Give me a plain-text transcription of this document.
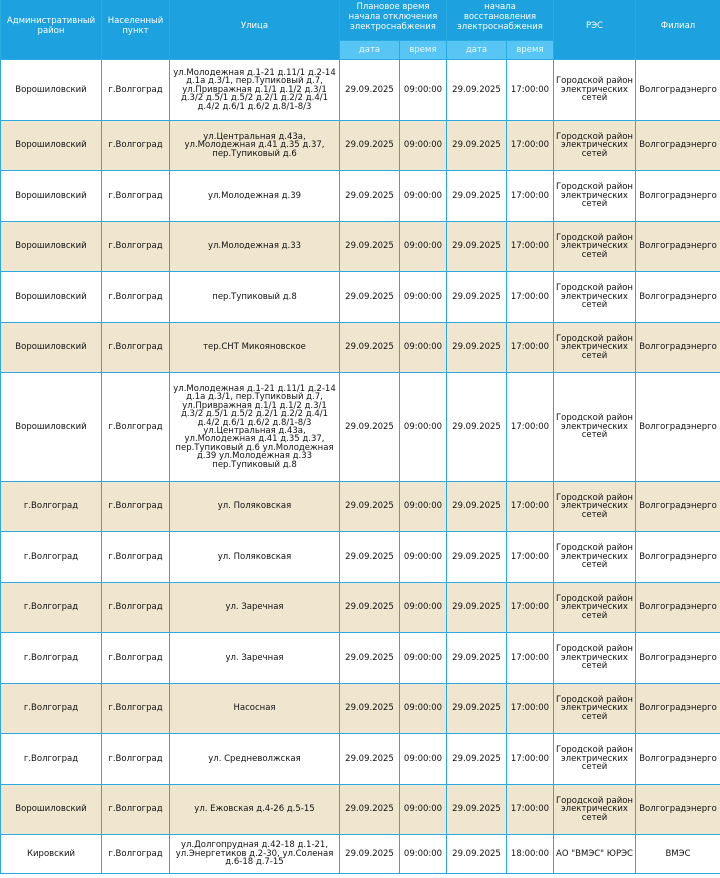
Административный район	Населенный пункт	Улица	Плановое время начала отключения электроснабжения		начала восстановления электроснабжения		РЭС	Филиал
			дата	время	дата	время		
Ворошиловский	г.Волгоград	ул.Молодежная д.1-21 д.11/1 д.2-14 д.1а д.3/1, пер.Тупиковый д.7, ул.Привражная д.1/1 д.1/2 д.3/1 д.3/2 д.5/1 д.5/2 д.2/1 д.2/2 д.4/1 д.4/2 д.6/1 д.6/2 д.8/1-8/3	29.09.2025	09:00:00	29.09.2025	17:00:00	Городской район электрических сетей	Волгоградэнерго
Ворошиловский	г.Волгоград	ул.Центральная д.43а, ул.Молодежная д.41 д.35 д.37, пер.Тупиковый д.6	29.09.2025	09:00:00	29.09.2025	17:00:00	Городской район электрических сетей	Волгоградэнерго
Ворошиловский	г.Волгоград	ул.Молодежная д.39	29.09.2025	09:00:00	29.09.2025	17:00:00	Городской район электрических сетей	Волгоградэнерго
Ворошиловский	г.Волгоград	ул.Молодежная д.33	29.09.2025	09:00:00	29.09.2025	17:00:00	Городской район электрических сетей	Волгоградэнерго
Ворошиловский	г.Волгоград	пер.Тупиковый д.8	29.09.2025	09:00:00	29.09.2025	17:00:00	Городской район электрических сетей	Волгоградэнерго
Ворошиловский	г.Волгоград	тер.СНТ Микояновское	29.09.2025	09:00:00	29.09.2025	17:00:00	Городской район электрических сетей	Волгоградэнерго
Ворошиловский	г.Волгоград	ул.Молодежная д.1-21 д.11/1 д.2-14 д.1а д.3/1, пер.Тупиковый д.7, ул.Привражная д.1/1 д.1/2 д.3/1 д.3/2 д.5/1 д.5/2 д.2/1 д.2/2 д.4/1 д.4/2 д.6/1 д.6/2 д.8/1-8/3 ул.Центральная д.43а, ул.Молодежная д.41 д.35 д.37, пер.Тупиковый д.6 ул.Молодежная д.39 ул.Молодежная д.33 пер.Тупиковый д.8	29.09.2025	09:00:00	29.09.2025	17:00:00	Городской район электрических сетей	Волгоградэнерго
г.Волгоград	г.Волгоград	ул. Поляковская	29.09.2025	09:00:00	29.09.2025	17:00:00	Городской район электрических сетей	Волгоградэнерго
г.Волгоград	г.Волгоград	ул. Поляковская	29.09.2025	09:00:00	29.09.2025	17:00:00	Городской район электрических сетей	Волгоградэнерго
г.Волгоград	г.Волгоград	ул. Заречная	29.09.2025	09:00:00	29.09.2025	17:00:00	Городской район электрических сетей	Волгоградэнерго
г.Волгоград	г.Волгоград	ул. Заречная	29.09.2025	09:00:00	29.09.2025	17:00:00	Городской район электрических сетей	Волгоградэнерго
г.Волгоград	г.Волгоград	Насосная	29.09.2025	09:00:00	29.09.2025	17:00:00	Городской район электрических сетей	Волгоградэнерго
г.Волгоград	г.Волгоград	ул. Средневолжская	29.09.2025	09:00:00	29.09.2025	17:00:00	Городской район электрических сетей	Волгоградэнерго
Ворошиловский	г.Волгоград	ул. Ежовская д.4-26 д.5-15	29.09.2025	09:00:00	29.09.2025	17:00:00	Городской район электрических сетей	Волгоградэнерго
Кировский	г.Волгоград	ул.Долгопрудная д.42-18 д.1-21, ул.Энергетиков д.2-30, ул.Соленая д.6-18 д.7-15	29.09.2025	09:00:00	29.09.2025	18:00:00	АО "ВМЭС" ЮРЭС	ВМЭС
